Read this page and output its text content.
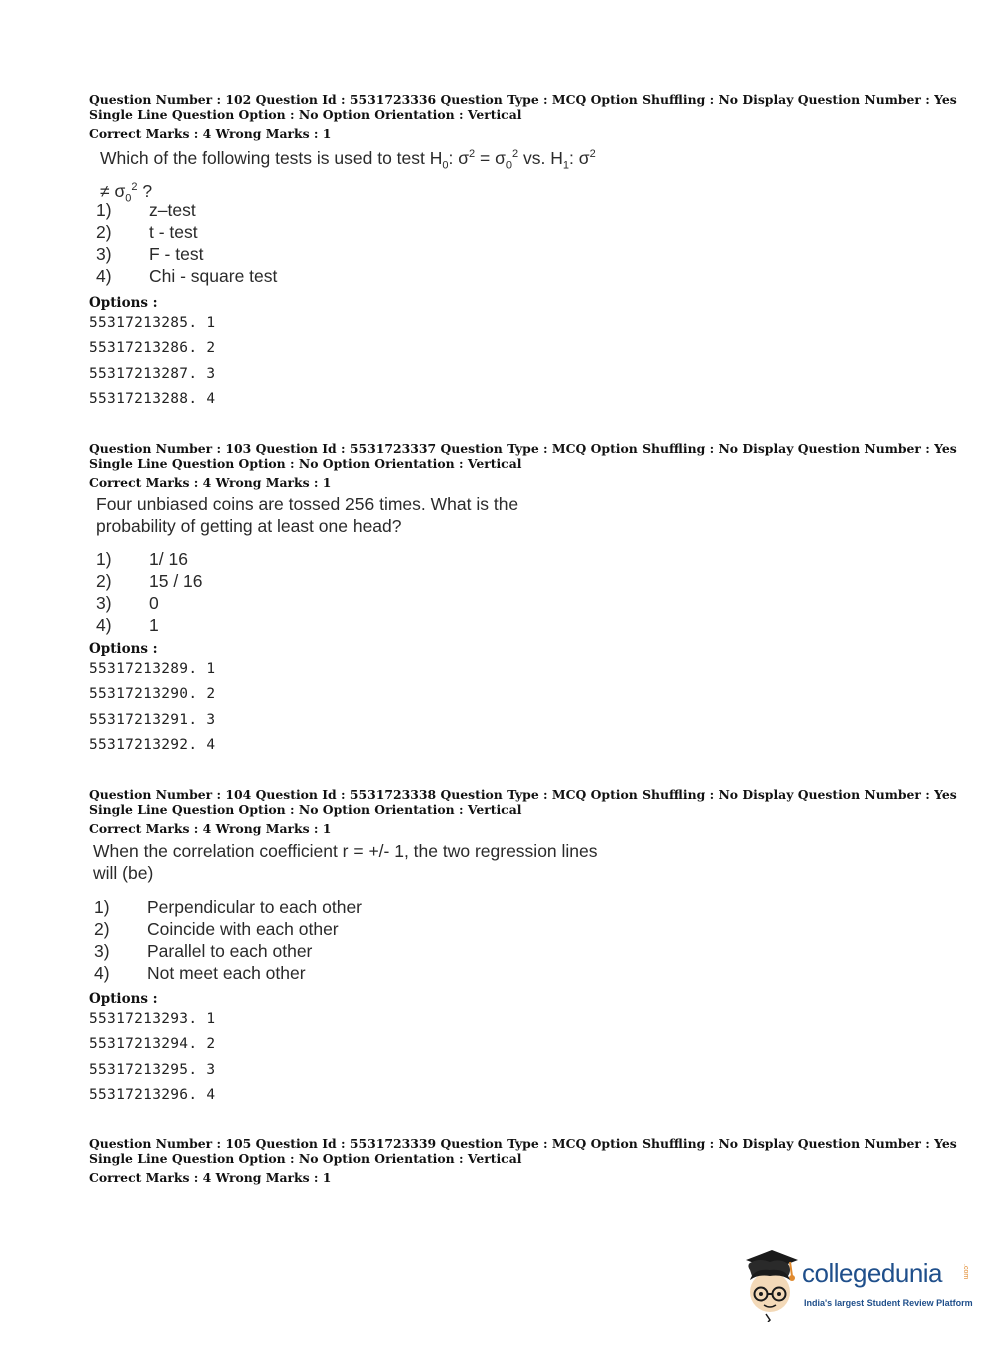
Question Number : 102 Question Id : 5531723336 Question Type : MCQ Option Shuffling : No Display Question Number : Yes
Single Line Question Option : No Option Orientation : Vertical
Correct Marks : 4 Wrong Marks : 1
Which of the following tests is used to test $H_0$: $\sigma^2 = \sigma_0^2$ vs. $H_1$: $\sigma^2$
≠ $\sigma_0^2$ ?
1) z–test
2) t - test
3) F - test
4) Chi - square test
Options :
55317213285. 1
55317213286. 2
55317213287. 3
55317213288. 4
Question Number : 103 Question Id : 5531723337 Question Type : MCQ Option Shuffling : No Display Question Number : Yes
Single Line Question Option : No Option Orientation : Vertical
Correct Marks : 4 Wrong Marks : 1
Four unbiased coins are tossed 256 times. What is the
probability of getting at least one head?
1) 1/ 16
2) 15 / 16
3) 0
4) 1
Options :
55317213289. 1
55317213290. 2
55317213291. 3
55317213292. 4
Question Number : 104 Question Id : 5531723338 Question Type : MCQ Option Shuffling : No Display Question Number : Yes
Single Line Question Option : No Option Orientation : Vertical
Correct Marks : 4 Wrong Marks : 1
When the correlation coefficient r = +/- 1, the two regression lines
will (be)
1) Perpendicular to each other
2) Coincide with each other
3) Parallel to each other
4) Not meet each other
Options :
55317213293. 1
55317213294. 2
55317213295. 3
55317213296. 4
Question Number : 105 Question Id : 5531723339 Question Type : MCQ Option Shuffling : No Display Question Number : Yes
Single Line Question Option : No Option Orientation : Vertical
Correct Marks : 4 Wrong Marks : 1
collegedunia	.com
India's largest Student Review Platform
